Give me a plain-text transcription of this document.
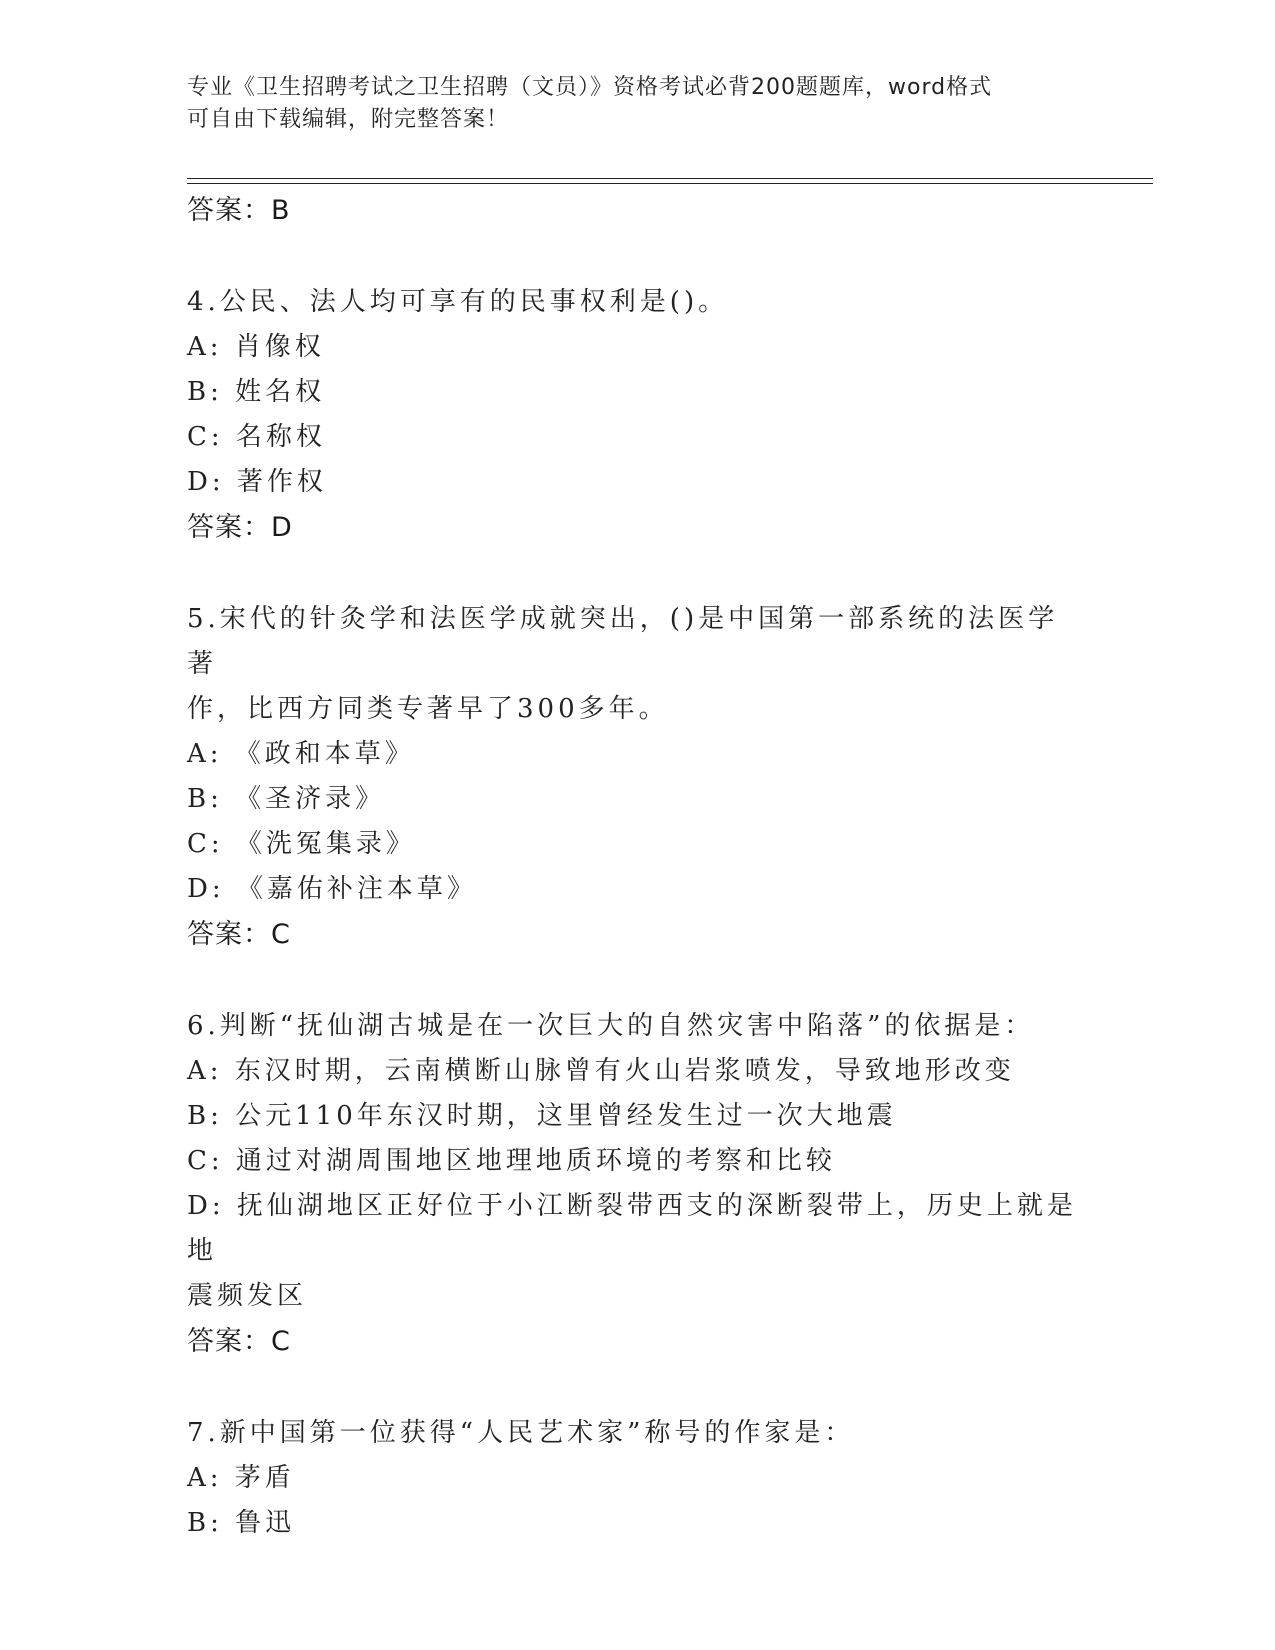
专业《卫生招聘考试之卫生招聘（文员）》资格考试必背200题题库，word格式
可自由下载编辑，附完整答案！

答案：B

4.公民、法人均可享有的民事权利是()。

A: 肖像权

B: 姓名权

C: 名称权

D: 著作权

答案：D

5.宋代的针灸学和法医学成就突出，()是中国第一部系统的法医学著

作，比西方同类专著早了300多年。

A: 《政和本草》

B: 《圣济录》

C: 《洗冤集录》

D: 《嘉佑补注本草》

答案：C

6.判断“抚仙湖古城是在一次巨大的自然灾害中陷落”的依据是：

A: 东汉时期，云南横断山脉曾有火山岩浆喷发，导致地形改变

B: 公元110年东汉时期，这里曾经发生过一次大地震

C: 通过对湖周围地区地理地质环境的考察和比较

D: 抚仙湖地区正好位于小江断裂带西支的深断裂带上，历史上就是地

震频发区

答案：C

7.新中国第一位获得“人民艺术家”称号的作家是：

A: 茅盾

B: 鲁迅
